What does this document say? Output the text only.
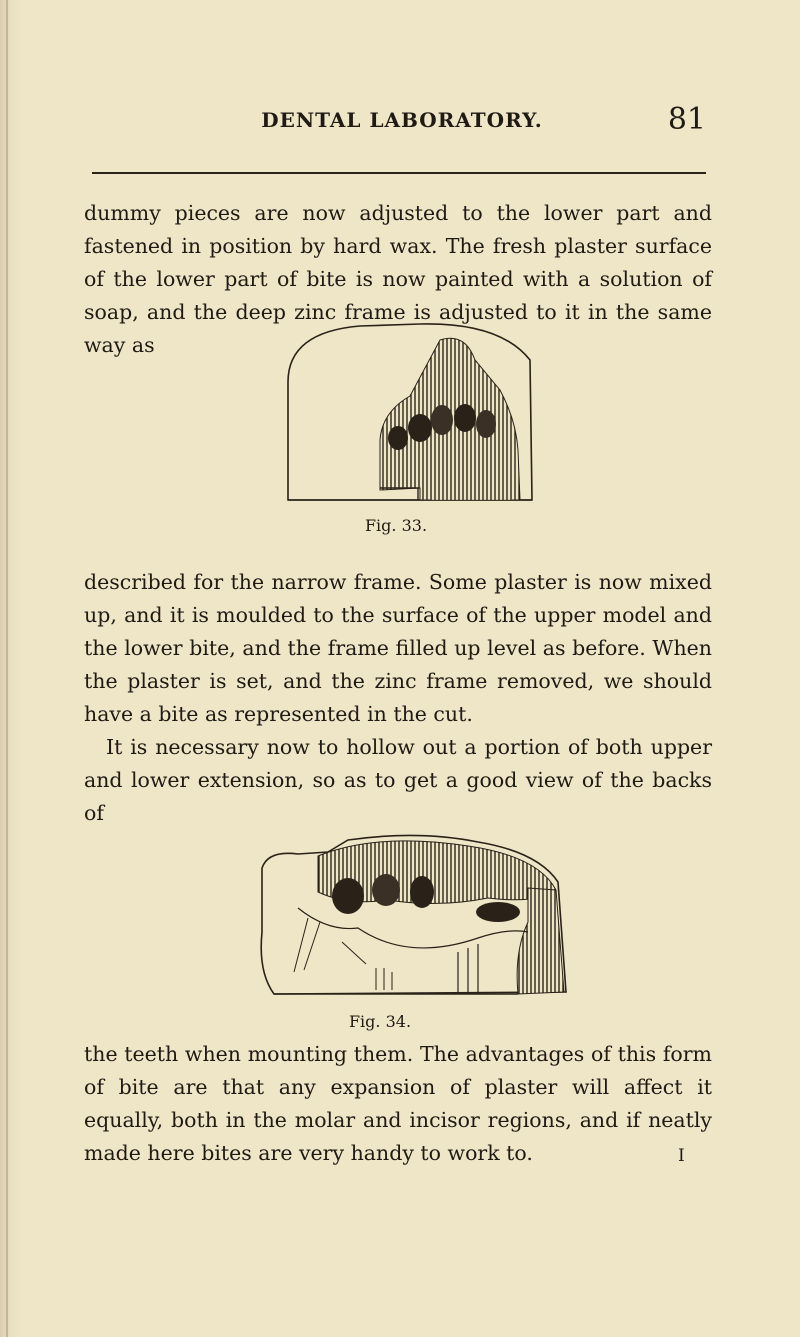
DENTAL LABORATORY.	81

dummy pieces are now adjusted to the lower part and fastened in position by hard wax. The fresh plaster surface of the lower part of bite is now painted with a solution of soap, and the deep zinc frame is adjusted to it in the same way as

Fig. 33.
described for the narrow frame. Some plaster is now mixed up, and it is moulded to the surface of the upper model and the lower bite, and the frame filled up level as before. When the plaster is set, and the zinc frame removed, we should have a bite as represented in the cut.
It is necessary now to hollow out a portion of both upper and lower extension, so as to get a good view of the backs of
Fig. 34.

the teeth when mounting them. The advantages of this form of bite are that any expansion of plaster will affect it equally, both in the molar and incisor regions, and if neatly made here bites are very handy to work to.	I
